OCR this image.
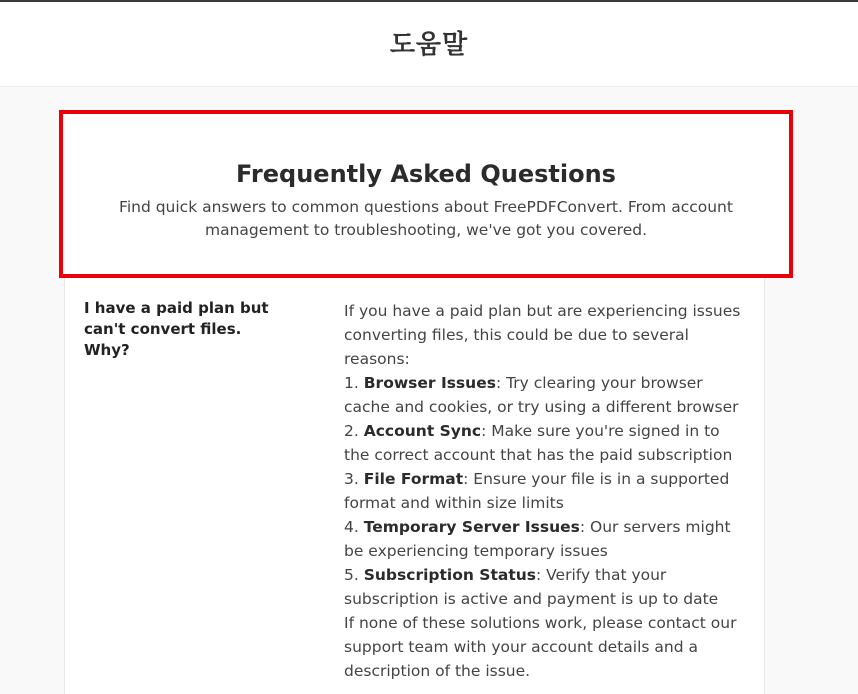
도움말
Frequently Asked Questions
Find quick answers to common questions about FreePDFConvert. From account management to troubleshooting, we've got you covered.
I have a paid plan but can't convert files. Why?

If you have a paid plan but are experiencing issues converting files, this could be due to several reasons:

1. Browser Issues: Try clearing your browser cache and cookies, or try using a different browser

2. Account Sync: Make sure you're signed in to the correct account that has the paid subscription

3. File Format: Ensure your file is in a supported format and within size limits

4. Temporary Server Issues: Our servers might be experiencing temporary issues

5. Subscription Status: Verify that your subscription is active and payment is up to date

If none of these solutions work, please contact our support team with your account details and a description of the issue.
